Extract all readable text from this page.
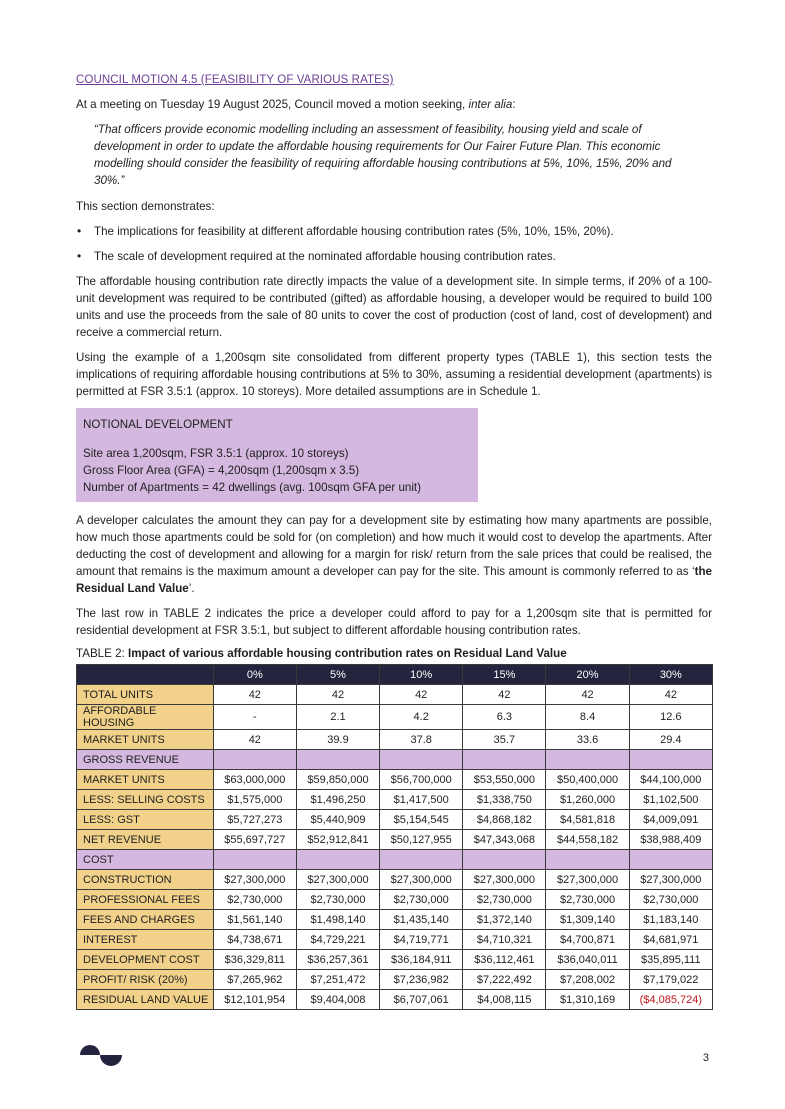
COUNCIL MOTION 4.5 (FEASIBILITY OF VARIOUS RATES)

At a meeting on Tuesday 19 August 2025, Council moved a motion seeking, inter alia:

“That officers provide economic modelling including an assessment of feasibility, housing yield and scale of development in order to update the affordable housing requirements for Our Fairer Future Plan. This economic modelling should consider the feasibility of requiring affordable housing contributions at 5%, 10%, 15%, 20% and 30%.”

This section demonstrates:

• The implications for feasibility at different affordable housing contribution rates (5%, 10%, 15%, 20%).
• The scale of development required at the nominated affordable housing contribution rates.

The affordable housing contribution rate directly impacts the value of a development site. In simple terms, if 20% of a 100-unit development was required to be contributed (gifted) as affordable housing, a developer would be required to build 100 units and use the proceeds from the sale of 80 units to cover the cost of production (cost of land, cost of development) and receive a commercial return.

Using the example of a 1,200sqm site consolidated from different property types (TABLE 1), this section tests the implications of requiring affordable housing contributions at 5% to 30%, assuming a residential development (apartments) is permitted at FSR 3.5:1 (approx. 10 storeys). More detailed assumptions are in Schedule 1.

NOTIONAL DEVELOPMENT
Site area 1,200sqm, FSR 3.5:1 (approx. 10 storeys)
Gross Floor Area (GFA) = 4,200sqm (1,200sqm x 3.5)
Number of Apartments = 42 dwellings (avg. 100sqm GFA per unit)

A developer calculates the amount they can pay for a development site by estimating how many apartments are possible, how much those apartments could be sold for (on completion) and how much it would cost to develop the apartments. After deducting the cost of development and allowing for a margin for risk/ return from the sale prices that could be realised, the amount that remains is the maximum amount a developer can pay for the site. This amount is commonly referred to as ‘the Residual Land Value’.

The last row in TABLE 2 indicates the price a developer could afford to pay for a 1,200sqm site that is permitted for residential development at FSR 3.5:1, but subject to different affordable housing contribution rates.

TABLE 2: Impact of various affordable housing contribution rates on Residual Land Value
	0%	5%	10%	15%	20%	30%
TOTAL UNITS	42	42	42	42	42	42
AFFORDABLE HOUSING	-	2.1	4.2	6.3	8.4	12.6
MARKET UNITS	42	39.9	37.8	35.7	33.6	29.4
GROSS REVENUE						
MARKET UNITS	$63,000,000	$59,850,000	$56,700,000	$53,550,000	$50,400,000	$44,100,000
LESS: SELLING COSTS	$1,575,000	$1,496,250	$1,417,500	$1,338,750	$1,260,000	$1,102,500
LESS: GST	$5,727,273	$5,440,909	$5,154,545	$4,868,182	$4,581,818	$4,009,091
NET REVENUE	$55,697,727	$52,912,841	$50,127,955	$47,343,068	$44,558,182	$38,988,409
COST						
CONSTRUCTION	$27,300,000	$27,300,000	$27,300,000	$27,300,000	$27,300,000	$27,300,000
PROFESSIONAL FEES	$2,730,000	$2,730,000	$2,730,000	$2,730,000	$2,730,000	$2,730,000
FEES AND CHARGES	$1,561,140	$1,498,140	$1,435,140	$1,372,140	$1,309,140	$1,183,140
INTEREST	$4,738,671	$4,729,221	$4,719,771	$4,710,321	$4,700,871	$4,681,971
DEVELOPMENT COST	$36,329,811	$36,257,361	$36,184,911	$36,112,461	$36,040,011	$35,895,111
PROFIT/ RISK (20%)	$7,265,962	$7,251,472	$7,236,982	$7,222,492	$7,208,002	$7,179,022
RESIDUAL LAND VALUE	$12,101,954	$9,404,008	$6,707,061	$4,008,115	$1,310,169	($4,085,724)
3
